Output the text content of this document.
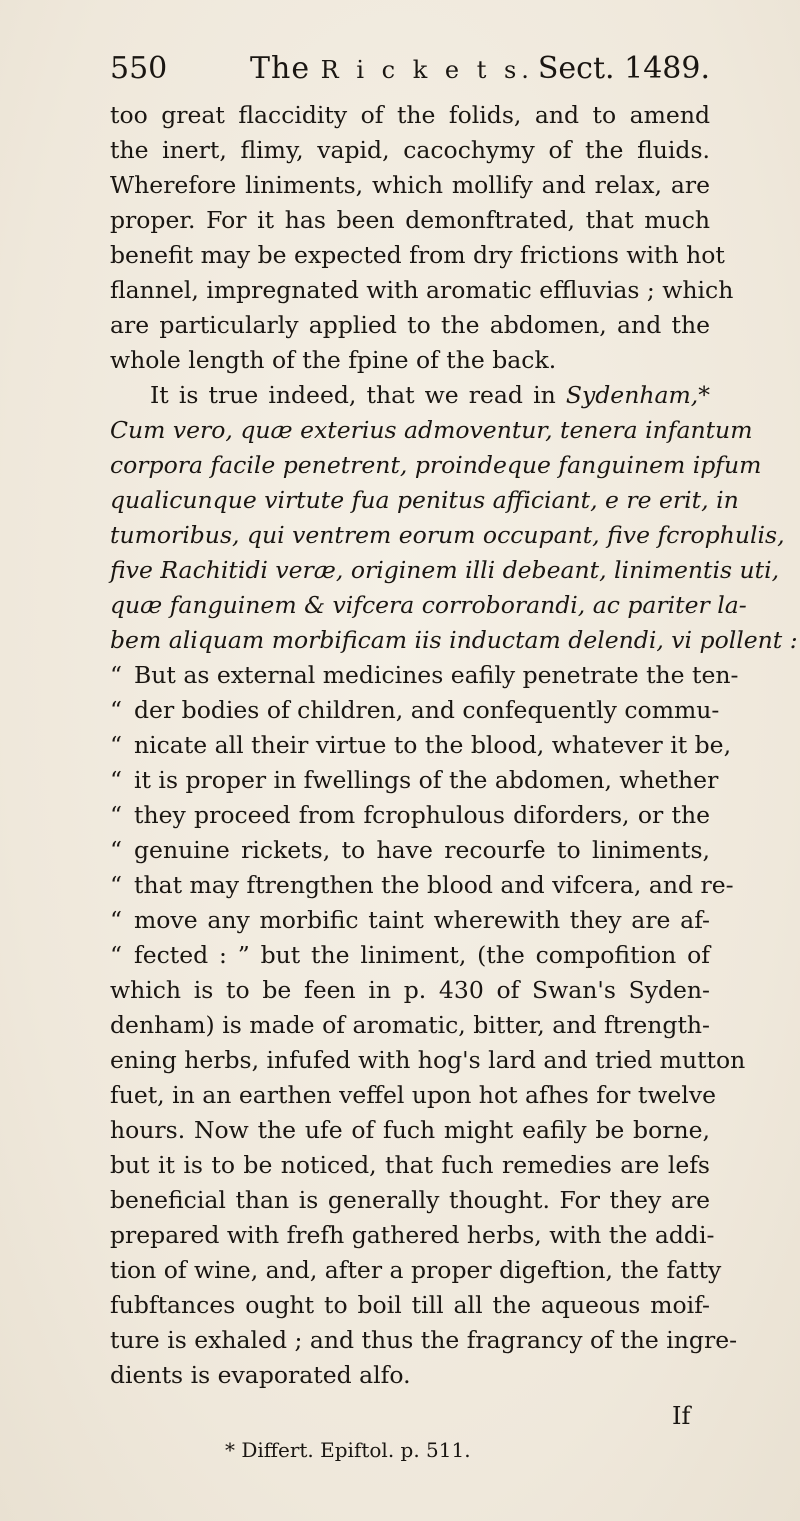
550	The R i c k e t s. Sect. 1489.

too great flaccidity of the folids, and to amend
the inert, flimy, vapid, cacochymy of the fluids.
Wherefore liniments, which mollify and relax, are
proper. For it has been demonftrated, that much
benefit may be expected from dry frictions with hot
flannel, impregnated with aromatic effluvias ; which
are particularly applied to the abdomen, and the
whole length of the fpine of the back.

It is true indeed, that we read in Sydenham,*
Cum vero, quæ exterius admoventur, tenera infantum
corpora facile penetrent, proindeque fanguinem ipfum
qualicunque virtute fua penitus afficiant, e re erit, in
tumoribus, qui ventrem eorum occupant, five fcrophulis,
five Rachitidi veræ, originem illi debeant, linimentis uti,
quæ fanguinem & vifcera corroborandi, ac pariter la-
bem aliquam morbificam iis inductam delendi, vi pollent :
“ But as external medicines eafily penetrate the ten-
“ der bodies of children, and confequently commu-
“ nicate all their virtue to the blood, whatever it be,
“ it is proper in fwellings of the abdomen, whether
“ they proceed from fcrophulous diforders, or the
“ genuine rickets, to have recourfe to liniments,
“ that may ftrengthen the blood and vifcera, and re-
“ move any morbific taint wherewith they are af-
“ fected : ” but the liniment, (the compofition of
which is to be feen in p. 430 of Swan's Syden-
denham) is made of aromatic, bitter, and ftrength-
ening herbs, infufed with hog's lard and tried mutton
fuet, in an earthen veffel upon hot afhes for twelve
hours. Now the ufe of fuch might eafily be borne,
but it is to be noticed, that fuch remedies are lefs
beneficial than is generally thought. For they are
prepared with frefh gathered herbs, with the addi-
tion of wine, and, after a proper digeftion, the fatty
fubftances ought to boil till all the aqueous moif-
ture is exhaled ; and thus the fragrancy of the ingre-
dients is evaporated alfo.

If
* Differt. Epiftol. p. 511.
